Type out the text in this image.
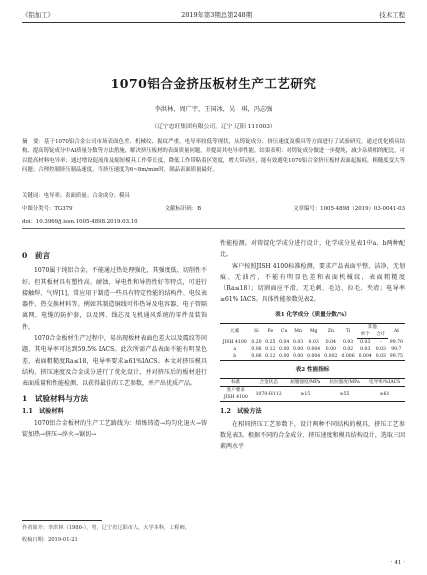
《铝加工》	2019年第3期总第248期	技术工程
1070铝合金挤压板材生产工艺研究
李洪林，周广宇，王国冰，吴　琪，冯志强
（辽宁忠旺集团有限公司，辽宁 辽阳 111003）
摘　要：基于1070铝合金公司市场表面色差、机械纹、振纹严重，电导率较低等现状，从铸锭成分、挤压速度及模具等方面进行了试验研究。通过优化模具结构、提高铸锭成分中Al质量分数等方法措施，解决挤压板材的表面质量问题，并提高其电导率性能。结果表明：对铸锭成分做进一步提纯，减少杂质相的配比，可以提高材料电导率；通过增设促流角及缩短模具工作带长度，降低工作带粘着区宽度，增大带动区，能有效避免1070铝合金挤压板材表面起振痕，粗糙度变大等问题；合理控制挤压制品速度，当挤压速度为6~8m/min时，制品表面质量最好。
关键词：电导率；表面质量；合金成分；模具
中图分类号：TG379	文献标识码：B	文章编号：1005-4898（2019）03-0041-03
doi：10.3969/j.issn.1005-4898.2019.03.10
0　前言

1070属于纯铝合金，不能通过热处理强化，其强度低、切削性不好。但其板材具有塑性高、耐蚀、导电性和导热性好等特点，可进行接触焊、气焊[1]，常应用于制造一些具有特定性能的结构件、电仪表器件、热交换材料等。例如其制造铜线可作热导及电容器、电子管隔离网、电缆的防护套，以及网、线芯及飞机通风系统的零件及装饰件。

1070合金板材生产过程中，易出现板材表面色差大以及震纹等问题，其电导率可达到59.5% IACS。此次所需产品表面不能有明显色差，表面粗糙度Ra≤18，电导率要求≥61%IACS。本文对挤压模具结构、挤压速度及合金成分进行了优化设计，并对挤压后的板材进行表面质量和性能检测，以获得最佳的工艺参数，并产出优质产品。

1　试验材料与方法
1.1　试验材料

1070铝合金板材的生产工艺路线为：熔炼铸造→均匀化退火→铸锭加热→挤压→淬火→锯切→

性能检测。对铸锭化学成分进行设计，化学成分见表1中a、b两种配比。

客户按照JISH 4100标准检测，要求产品表面平整、洁净，无划痕、无油污，不能有明显色差和表面机械纹，表面粗糙度（Ra≤18）；切割面应平滑，无毛刺、毛边、拉毛、夹渣；电导率≥61% IACS。具体性能参数见表2。

表1 化学成分（质量分数/%）
元素	Si	Fe	Cu	Mn	Mg	Zn	Ti	其他		Al
								单个	合计	
JISH 4100	0.20	0.25	0.04	0.03	0.03	0.04	0.03	0.03	-	99.70
a	0.06	0.12	0.00	0.00	0.004	0.00	0.02	0.03	0.03	99.7
b	0.06	0.12	0.00	0.00	0.004	0.002	0.006	0.004	0.03	99.75
表2 性能指标
标准	合金状态	屈服强度/MPa	抗拉强度/MPa	电导率/%IACS
客户要求
JISH 4100	1070-H112	≥15	≥55	≥61
1.2　试验方法

在相同挤压工艺参数下，设计两种不同结构的模具，挤压工艺参数见表3。根据不同的合金成分、挤压速度和模具结构设计，选取三因素两水平

作者简介：李洪林（1986-），男，辽宁省辽阳市人，大学本科，工程师。
收稿日期：2019-01-21
· 41 ·
